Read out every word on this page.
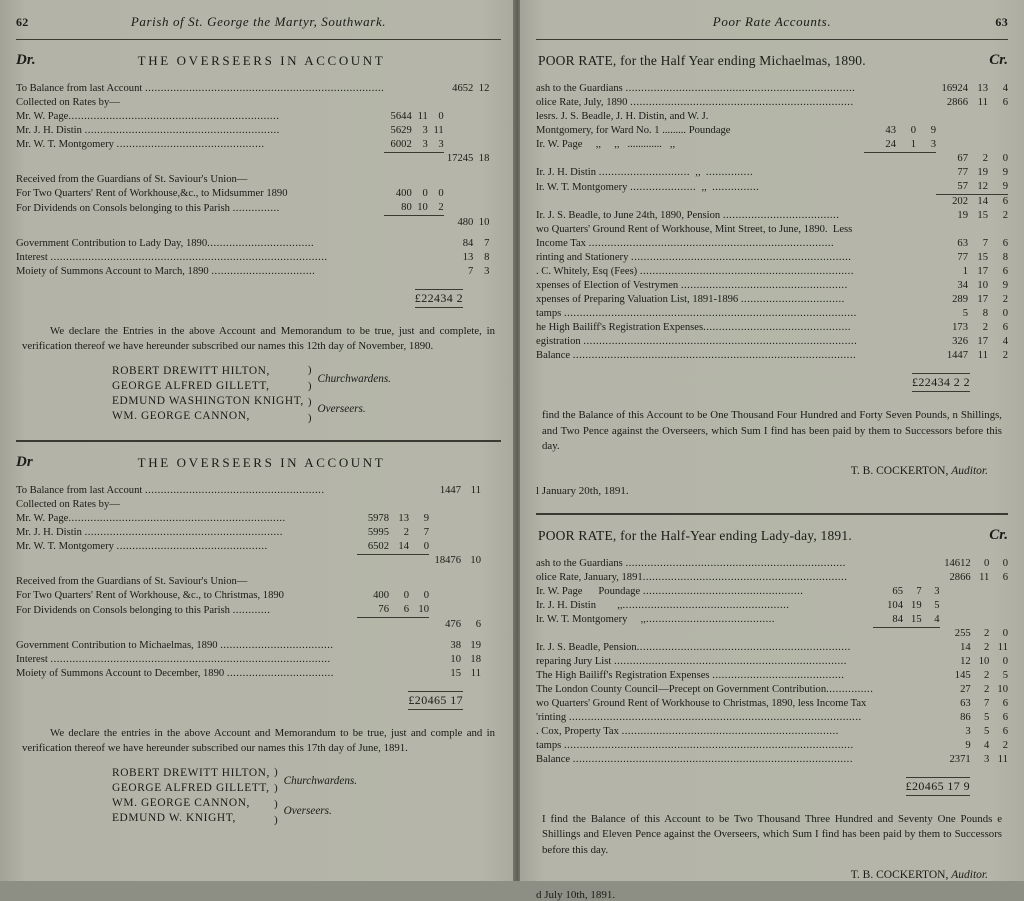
62	Parish of St. George the Martyr, Southwark.
Dr.	THE OVERSEERS IN ACCOUNT

To Balance from last Account ............................................................................				4652	12	
Collected on Rates by—						
Mr. W. Page...................................................................	5644	11	0			
Mr. J. H. Distin ..............................................................	5629	3	11			
Mr. W. T. Montgomery ...............................................	6002	3	3			
				17245	18	

Received from the Guardians of St. Saviour's Union—						
For Two Quarters' Rent of Workhouse,&c., to Midsummer 1890	400	0	0			
For Dividends on Consols belonging to this Parish ...............	80	10	2			
				480	10	

Government Contribution to Lady Day, 1890..................................				84	7	
Interest ........................................................................................				13	8	
Moiety of Summons Account to March, 1890 .................................				7	3	
£22434 2

We declare the Entries in the above Account and Memorandum to be true, just and complete, in verification thereof we have hereunder subscribed our names this 12th day of November, 1890.

ROBERT DREWITT HILTON,
GEORGE ALFRED GILLETT,
EDMUND WASHINGTON KNIGHT,
WM. GEORGE CANNON,
)
)
)
)
Churchwardens.
Overseers.
Dr	THE OVERSEERS IN ACCOUNT

To Balance from last Account .........................................................				1447	11	
Collected on Rates by—						
Mr. W. Page.....................................................................	5978	13	9			
Mr. J. H. Distin ...............................................................	5995	2	7			
Mr. W. T. Montgomery ................................................	6502	14	0			
				18476	10	

Received from the Guardians of St. Saviour's Union—						
For Two Quarters' Rent of Workhouse, &c., to Christmas, 1890	400	0	0			
For Dividends on Consols belonging to this Parish ............	76	6	10			
				476	6	

Government Contribution to Michaelmas, 1890 ....................................				38	19	
Interest .........................................................................................				10	18	
Moiety of Summons Account to December, 1890 ..................................				15	11	
£20465 17

We declare the entries in the above Account and Memorandum to be true, just and comple and in verification thereof we have hereunder subscribed our names this 17th day of June, 1891.

ROBERT DREWITT HILTON,
GEORGE ALFRED GILLETT,
WM. GEORGE CANNON,
EDMUND W. KNIGHT,
)
)
)
)
Churchwardens.
Overseers.
Poor Rate Accounts.	63
POOR RATE, for the Half Year ending Michaelmas, 1890.	Cr.

ash to the Guardians .........................................................................				16924	13	4
olice Rate, July, 1890 .......................................................................				2866	11	6
lesrs. J. S. Beadle, J. H. Distin, and W. J.						
Montgomery, for Ward No. 1 ......... Poundage	43	0	9			
Ir. W. Page     ,,     ,,   .............   ,,	24	1	3			
				67	2	0
Ir. J. H. Distin .............................  ,,  ...............				77	19	9
lr. W. T. Montgomery .....................  ,,  ...............				57	12	9
				202	14	6
Ir. J. S. Beadle, to June 24th, 1890, Pension .....................................				19	15	2
wo Quarters' Ground Rent of Workhouse, Mint Street, to June, 1890.  Less						
Income Tax ..............................................................................				63	7	6
rinting and Stationery ......................................................................				77	15	8
. C. Whitely, Esq (Fees) ....................................................................				1	17	6
xpenses of Election of Vestrymen .....................................................				34	10	9
xpenses of Preparing Valuation List, 1891-1896 .................................				289	17	2
tamps .............................................................................................				5	8	0
he High Bailiff's Registration Expenses...............................................				173	2	6
egistration .......................................................................................				326	17	4
Balance ..........................................................................................				1447	11	2
£22434 2 2

find the Balance of this Account to be One Thousand Four Hundred and Forty Seven Pounds, n Shillings, and Two Pence against the Overseers, which Sum I find has been paid by them to Successors before this day.

T. B. COCKERTON, Auditor.
l January 20th, 1891.
POOR RATE, for the Half-Year ending Lady-day, 1891.	Cr.

ash to the Guardians ......................................................................				14612	0	0
olice Rate, January, 1891.................................................................				2866	11	6
Ir. W. Page      Poundage ...................................................	65	7	3			
Ir. J. H. Distin        ,,.....................................................	104	19	5			
lr. W. T. Montgomery     ,,.........................................	84	15	4			
				255	2	0
Ir. J. S. Beadle, Pension....................................................................				14	2	11
reparing Jury List ..........................................................................				12	10	0
The High Bailiff's Registration Expenses ..........................................				145	2	5
The London County Council—Precept on Government Contribution...............				27	2	10
wo Quarters' Ground Rent of Workhouse to Christmas, 1890, less Income Tax				63	7	6
'rinting .............................................................................................				86	5	6
. Cox, Property Tax .....................................................................				3	5	6
tamps ............................................................................................				9	4	2
Balance .........................................................................................				2371	3	11
£20465 17 9

I find the Balance of this Account to be Two Thousand Three Hundred and Seventy One Pounds e Shillings and Eleven Pence against the Overseers, which Sum I find has been paid by them to Successors before this day.

T. B. COCKERTON, Auditor.
d July 10th, 1891.
